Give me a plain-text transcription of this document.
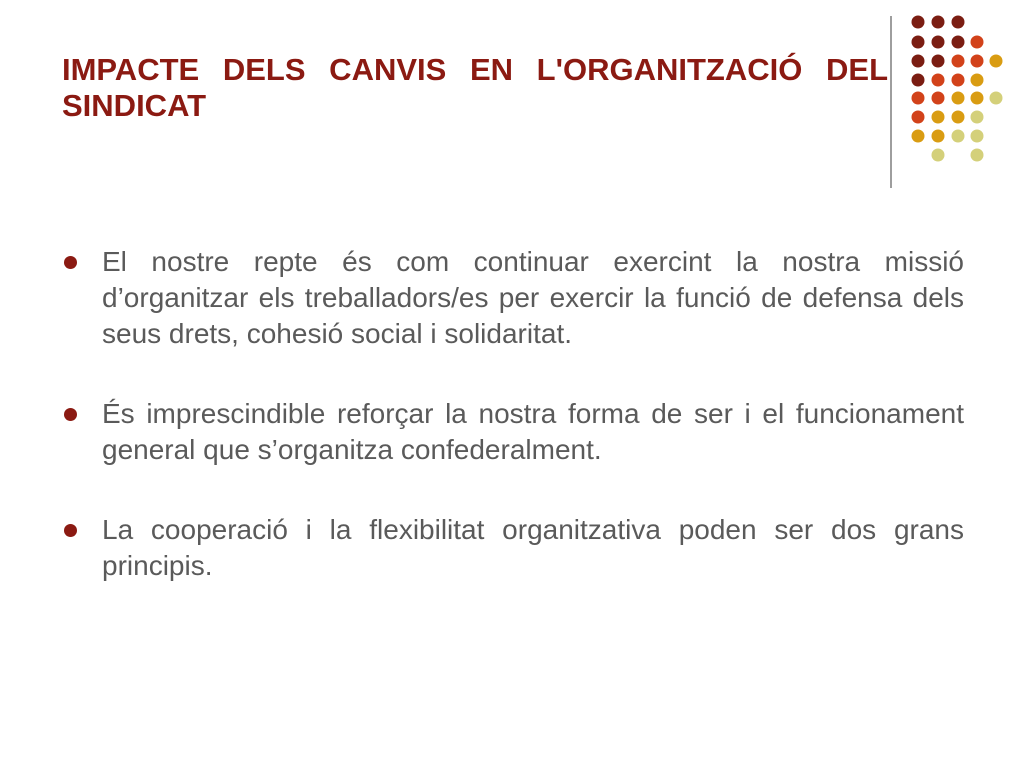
IMPACTE DELS CANVIS EN L'ORGANITZACIÓ DEL SINDICAT
El nostre repte és com continuar exercint la nostra missió d’organitzar els treballadors/es per exercir la funció de defensa dels seus drets, cohesió social i solidaritat.
És imprescindible reforçar la nostra forma de ser i el funcionament general que s’organitza confederalment.
La cooperació i la flexibilitat organitzativa poden ser dos grans principis.
